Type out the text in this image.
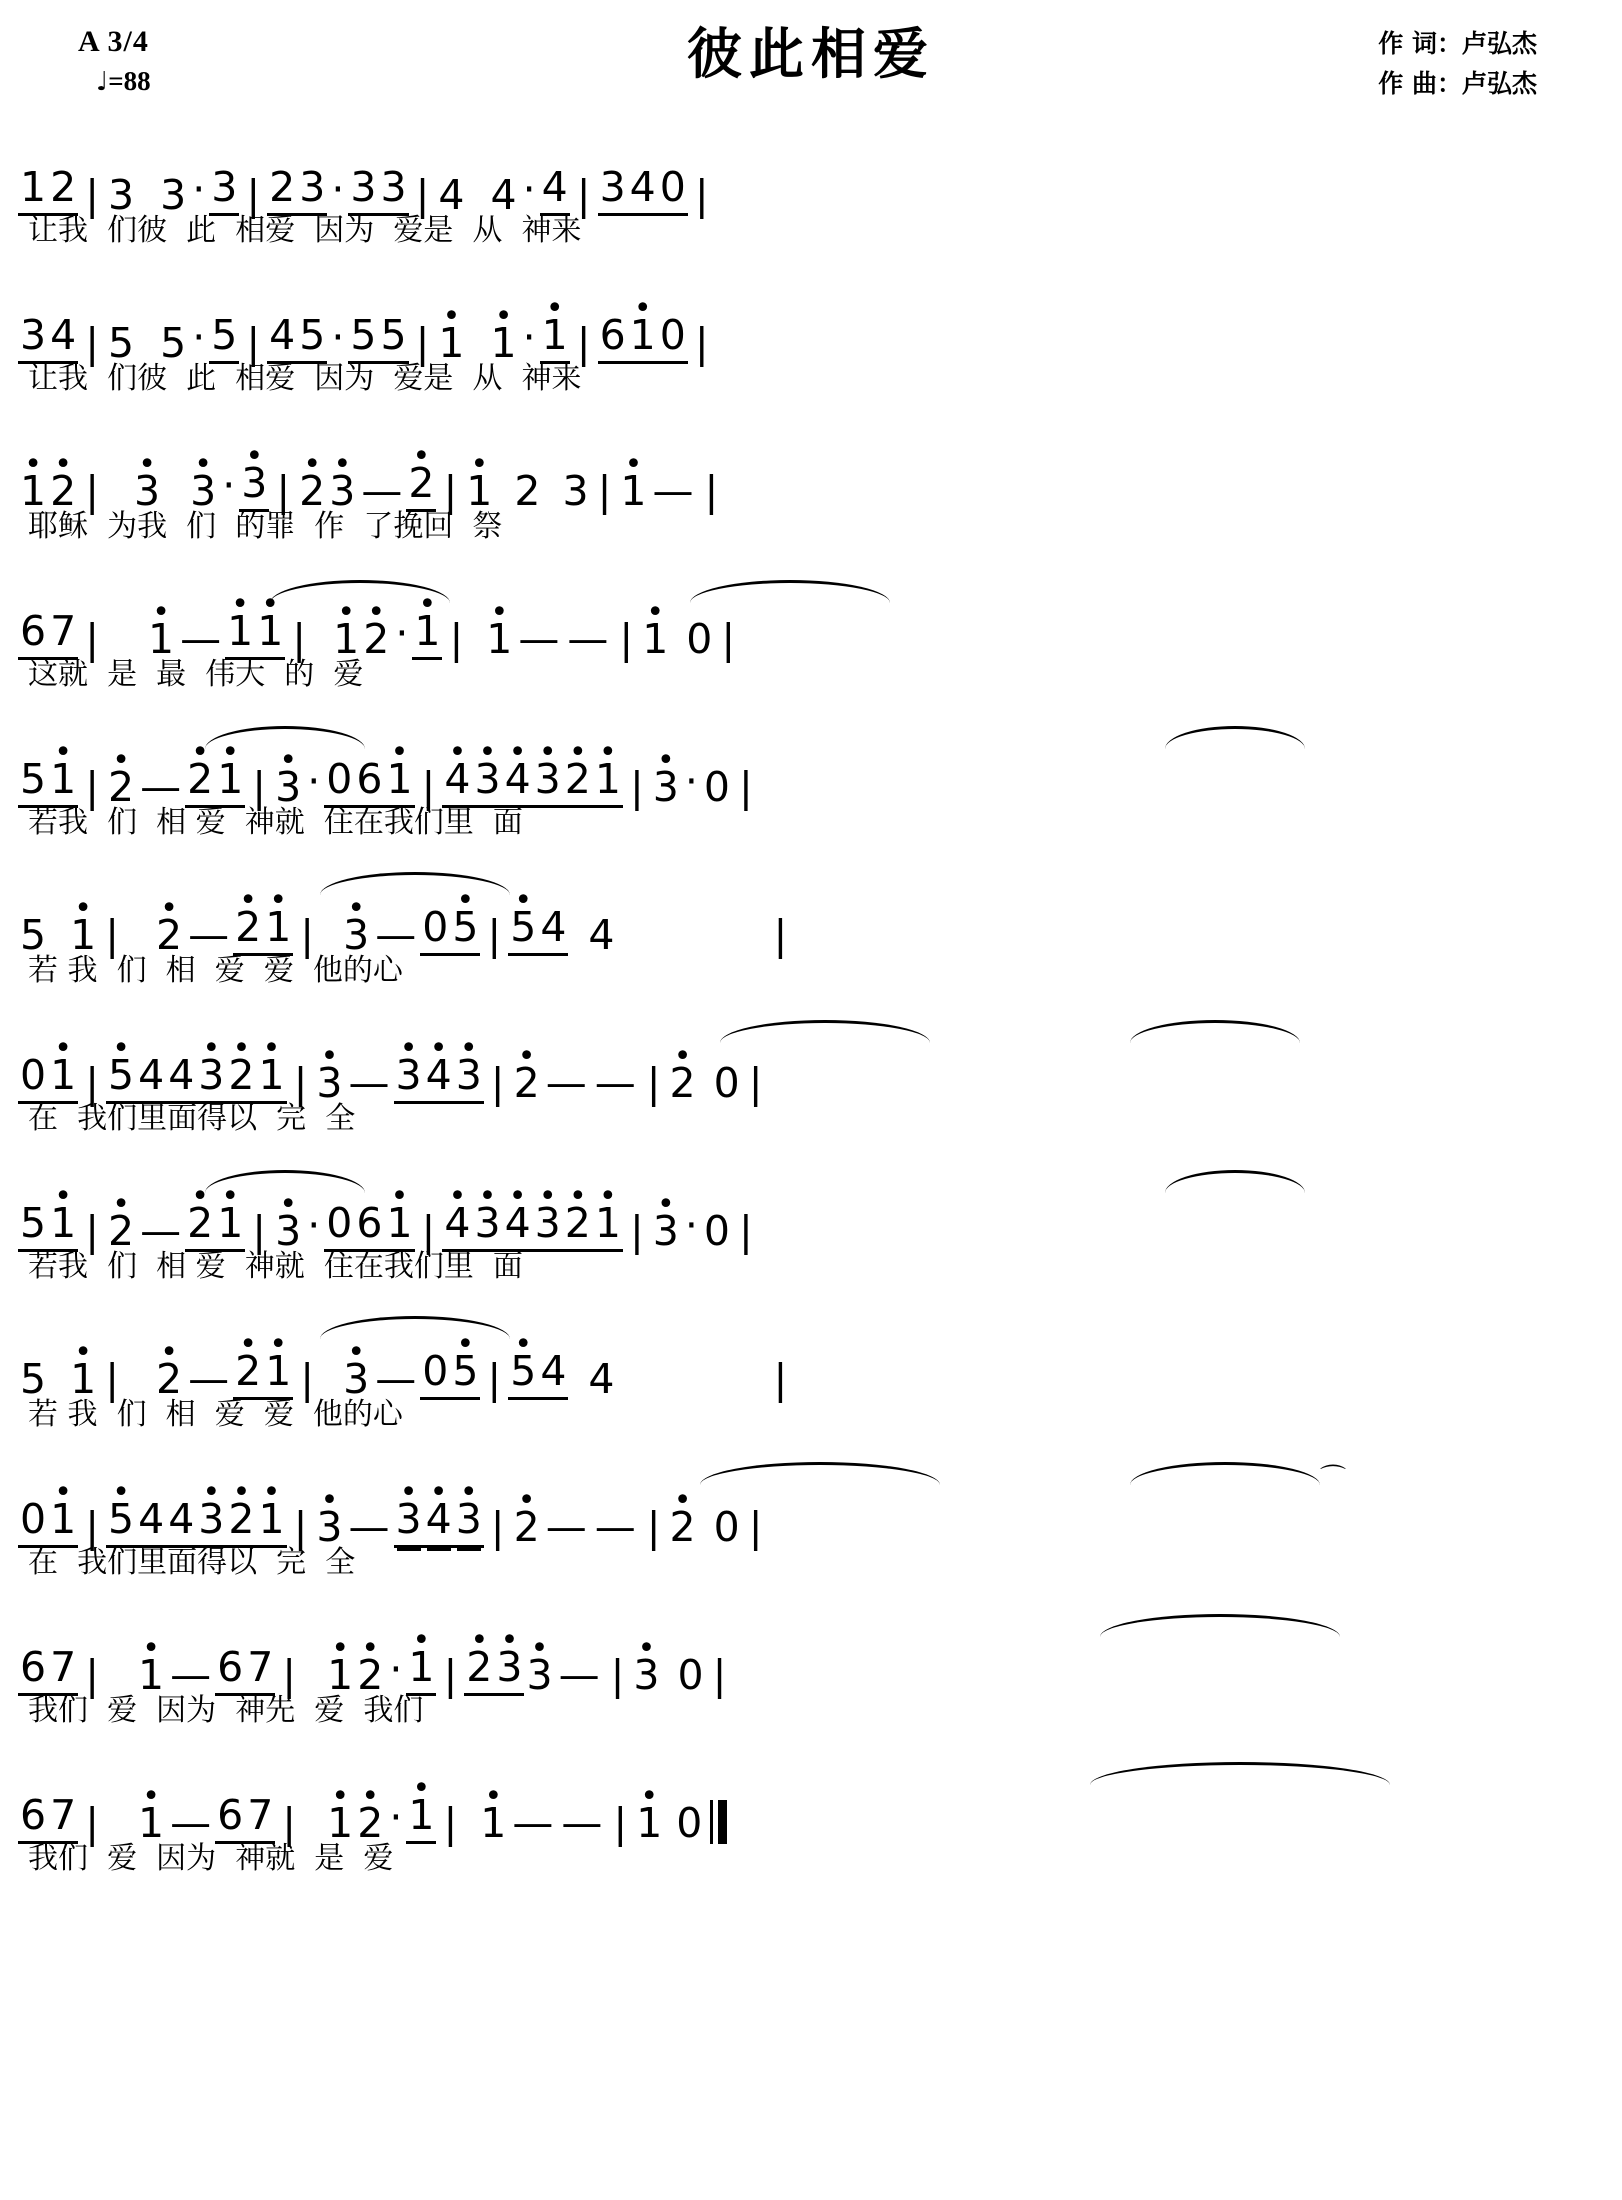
A 3/4
♩=88	彼此相爱	作 词：卢弘杰
作 曲：卢弘杰
1 2 | 3 3 · 3 | 2 3 · 3 3 | 4 4 · 4 | 3 4 0 |
让我  们彼  此  相爱  因为  爱是  从  神来
3 4 | 5 5 · 5 | 4 5 · 5 5 | • 1 • 1 · • 1 | 6 • 1 0 |
让我  们彼  此  相爱  因为  爱是  从  神来
• 1 • 2 | • 3 • 3 · • 3 | • 2 • 3 — • 2 | • 1 2 3 | • 1 — |
耶稣  为我  们  的罪  作  了挽回  祭
6 7 | • 1 — • 1 • 1 | • 1 • 2 · • 1 | • 1 — — | • 1 0 |
这就  是  最  伟大  的  爱
5 • 1 | • 2 — • 2 • 1 | • 3 · 0 6 • 1 | • 4 • 3 • 4 • 3 • 2 • 1 | • 3 · 0 |
若我  们  相 爱  神就  住在我们里  面
5 • 1 | • 2 — • 2 • 1 | • 3 — 0 • 5 | • 5 4 4	|
若 我  们  相  爱  爱  他的心
0 • 1 | • 5 4 4 • 3 • 2 • 1 | • 3 — • 3 • 4 • 3 | • 2 — — | • 2 0 |
在  我们里面得以  完  全
5 • 1 | • 2 — • 2 • 1 | • 3 · 0 6 • 1 | • 4 • 3 • 4 • 3 • 2 • 1 | • 3 · 0 |
若我  们  相 爱  神就  住在我们里  面
5 • 1 | • 2 — • 2 • 1 | • 3 — 0 • 5 | • 5 4 4	|
若 我  们  相  爱  爱  他的心
⌒
0 • 1 | • 5 4 4 • 3 • 2 • 1 | • 3 — • 3 • 4 • 3 | • 2 — — | • 2 0 |
在  我们里面得以  完  全
6 7 | • 1 — 6 7 | • 1 • 2 · • 1 | • 2 • 3 • 3 — | • 3 0 |
我们  爱  因为  神先  爱  我们
6 7 | • 1 — 6 7 | • 1 • 2 · • 1 | • 1 — — | • 1 0
我们  爱  因为  神就  是  爱
